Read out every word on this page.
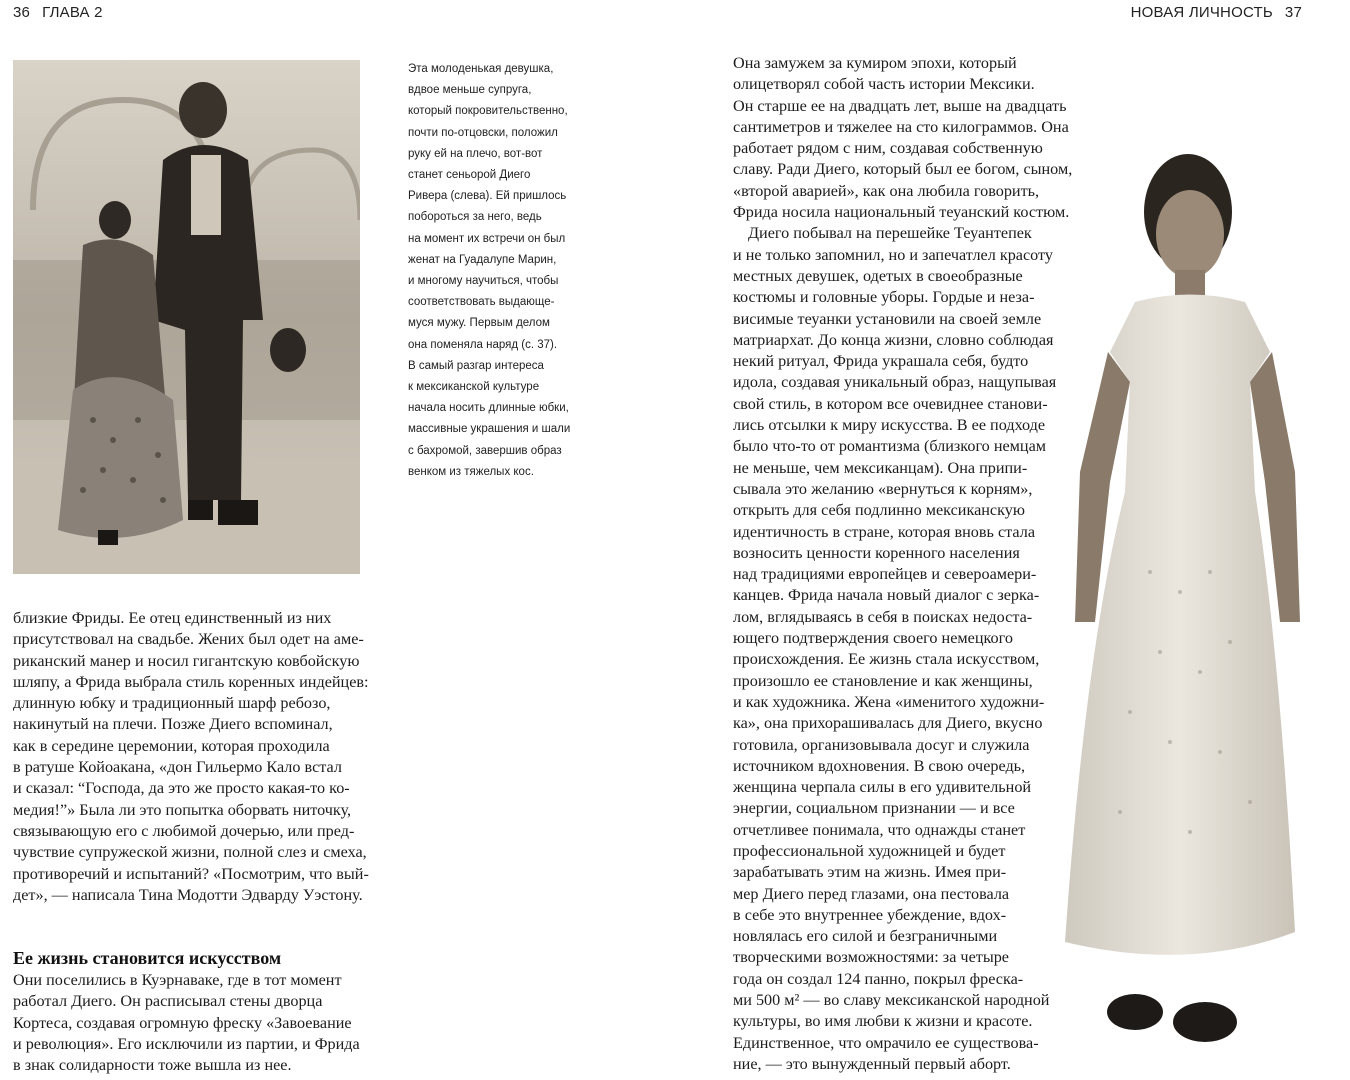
36 ГЛАВА 2
Эта молоденькая девушка,
вдвое меньше супруга,
который покровительственно,
почти по-отцовски, положил
руку ей на плечо, вот-вот
станет сеньорой Диего
Ривера (слева). Ей пришлось
побороться за него, ведь
на момент их встречи он был
женат на Гуадалупе Марин,
и многому научиться, чтобы
соответствовать выдающе-
муся мужу. Первым делом
она поменяла наряд (с. 37).
В самый разгар интереса
к мексиканской культуре
начала носить длинные юбки,
массивные украшения и шали
с бахромой, завершив образ
венком из тяжелых кос.
близкие Фриды. Ее отец единственный из них
присутствовал на свадьбе. Жених был одет на аме-
риканский манер и носил гигантскую ковбойскую
шляпу, а Фрида выбрала стиль коренных индейцев:
длинную юбку и традиционный шарф ребозо,
накинутый на плечи. Позже Диего вспоминал,
как в середине церемонии, которая проходила
в ратуше Койоакана, «дон Гильермо Кало встал
и сказал: “Господа, да это же просто какая-то ко-
медия!”» Была ли это попытка оборвать ниточку,
связывающую его с любимой дочерью, или пред-
чувствие супружеской жизни, полной слез и смеха,
противоречий и испытаний? «Посмотрим, что вый-
дет», — написала Тина Модотти Эдварду Уэстону.
Ее жизнь становится искусством
Они поселились в Куэрнаваке, где в тот момент
работал Диего. Он расписывал стены дворца
Кортеса, создавая огромную фреску «Завоевание
и революция». Его исключили из партии, и Фрида
в знак солидарности тоже вышла из нее.
НОВАЯ ЛИЧНОСТЬ 37
Она замужем за кумиром эпохи, который
олицетворял собой часть истории Мексики.
Он старше ее на двадцать лет, выше на двадцать
сантиметров и тяжелее на сто килограммов. Она
работает рядом с ним, создавая собственную
славу. Ради Диего, который был ее богом, сыном,
«второй аварией», как она любила говорить,
Фрида носила национальный теуанский костюм.
Диего побывал на перешейке Теуантепек
и не только запомнил, но и запечатлел красоту
местных девушек, одетых в своеобразные
костюмы и головные уборы. Гордые и неза-
висимые теуанки установили на своей земле
матриархат. До конца жизни, словно соблюдая
некий ритуал, Фрида украшала себя, будто
идола, создавая уникальный образ, нащупывая
свой стиль, в котором все очевиднее станови-
лись отсылки к миру искусства. В ее подходе
было что-то от романтизма (близкого немцам
не меньше, чем мексиканцам). Она припи-
сывала это желанию «вернуться к корням»,
открыть для себя подлинно мексиканскую
идентичность в стране, которая вновь стала
возносить ценности коренного населения
над традициями европейцев и североамери-
канцев. Фрида начала новый диалог с зерка-
лом, вглядываясь в себя в поисках недоста-
ющего подтверждения своего немецкого
происхождения. Ее жизнь стала искусством,
произошло ее становление и как женщины,
и как художника. Жена «именитого художни-
ка», она прихорашивалась для Диего, вкусно
готовила, организовывала досуг и служила
источником вдохновения. В свою очередь,
женщина черпала силы в его удивительной
энергии, социальном признании — и все
отчетливее понимала, что однажды станет
профессиональной художницей и будет
зарабатывать этим на жизнь. Имея при-
мер Диего перед глазами, она пестовала
в себе это внутреннее убеждение, вдох-
новлялась его силой и безграничными
творческими возможностями: за четыре
года он создал 124 панно, покрыл фреска-
ми 500 м² — во славу мексиканской народной
культуры, во имя любви к жизни и красоте.
Единственное, что омрачило ее существова-
ние, — это вынужденный первый аборт.
